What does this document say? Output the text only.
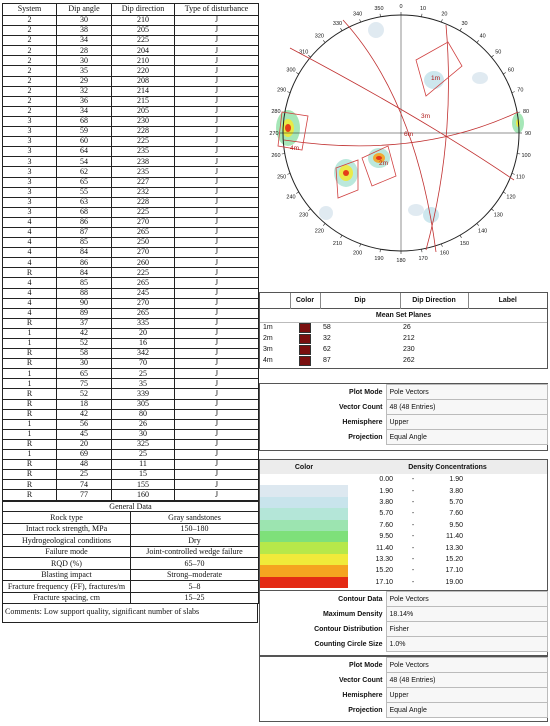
System	Dip angle	Dip direction	Type of disturbance
2	30	210	J
2	38	205	J
2	34	225	J
2	28	204	J
2	30	210	J
2	35	220	J
2	29	208	J
2	32	214	J
2	36	215	J
2	34	205	J
3	68	230	J
3	59	228	J
3	60	225	J
3	64	235	J
3	54	238	J
3	62	235	J
3	65	227	J
3	55	232	J
3	63	228	J
3	68	225	J
4	86	270	J
4	87	265	J
4	85	250	J
4	84	270	J
4	86	260	J
R	84	225	J
4	85	265	J
4	88	245	J
4	90	270	J
4	89	265	J
R	37	335	J
1	42	20	J
1	52	16	J
R	58	342	J
R	30	70	J
1	65	25	J
1	75	35	J
R	52	339	J
R	18	305	J
R	42	80	J
1	56	26	J
1	45	30	J
R	20	325	J
1	69	25	J
R	48	11	J
R	25	15	J
R	74	155	J
R	77	160	J
General Data	
Rock type	Gray sandstones
Intact rock strength, MPa	150–180
Hydrogeological conditions	Dry
Failure mode	Joint-controlled wedge failure
RQD (%)	65–70
Blasting impact	Strong–moderate
Fracture frequency (FF), fractures/m	5–8
Fracture spacing, cm	15–25
Comments: Low support quality, significant number of slabs
0	10
20
30
40
50
60
70
80
90
100
110
120
130
140
150
160
170
180
190
200
210
220
230
240
250
260
270
280
290
300
310
320
330
340
350
1m
2m
3m
4m
6m
	Color	Dip	Dip Direction	Label
Mean Set Planes				
1m		58	26	
2m		32	212	
3m		62	230	
4m		87	262	
Plot Mode	Pole Vectors
Vector Count	48 (48 Entries)
Hemisphere	Upper
Projection	Equal Angle
Color	Density Concentrations
	0.00 - 1.90
	1.90 - 3.80
	3.80 - 5.70
	5.70 - 7.60
	7.60 - 9.50
	9.50 - 11.40
	11.40 - 13.30
	13.30 - 15.20
	15.20 - 17.10
	17.10 - 19.00
Contour Data	Pole Vectors
Maximum Density	18.14%
Contour Distribution	Fisher
Counting Circle Size	1.0%
Plot Mode	Pole Vectors
Vector Count	48 (48 Entries)
Hemisphere	Upper
Projection	Equal Angle
